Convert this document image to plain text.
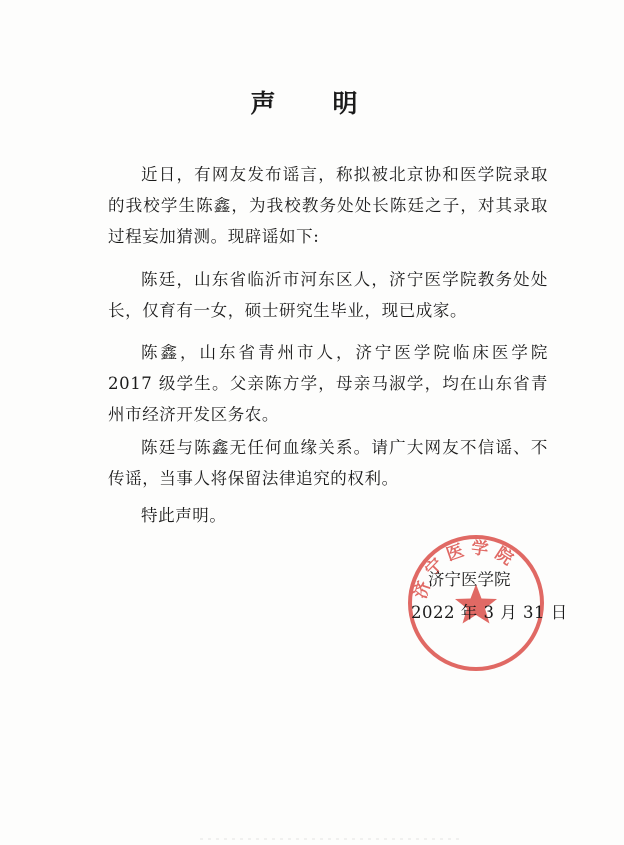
声　明

近日，有网友发布谣言，称拟被北京协和医学院录取的我校学生陈鑫，为我校教务处处长陈廷之子，对其录取过程妄加猜测。现辟谣如下:

陈廷，山东省临沂市河东区人，济宁医学院教务处处长，仅育有一女，硕士研究生毕业，现已成家。

陈鑫，山东省青州市人，济宁医学院临床医学院 2017 级学生。父亲陈方学，母亲马淑学，均在山东省青州市经济开发区务农。

陈廷与陈鑫无任何血缘关系。请广大网友不信谣、不传谣，当事人将保留法律追究的权利。

特此声明。

济宁医学院
济宁医学院
2022 年 3 月 31 日
